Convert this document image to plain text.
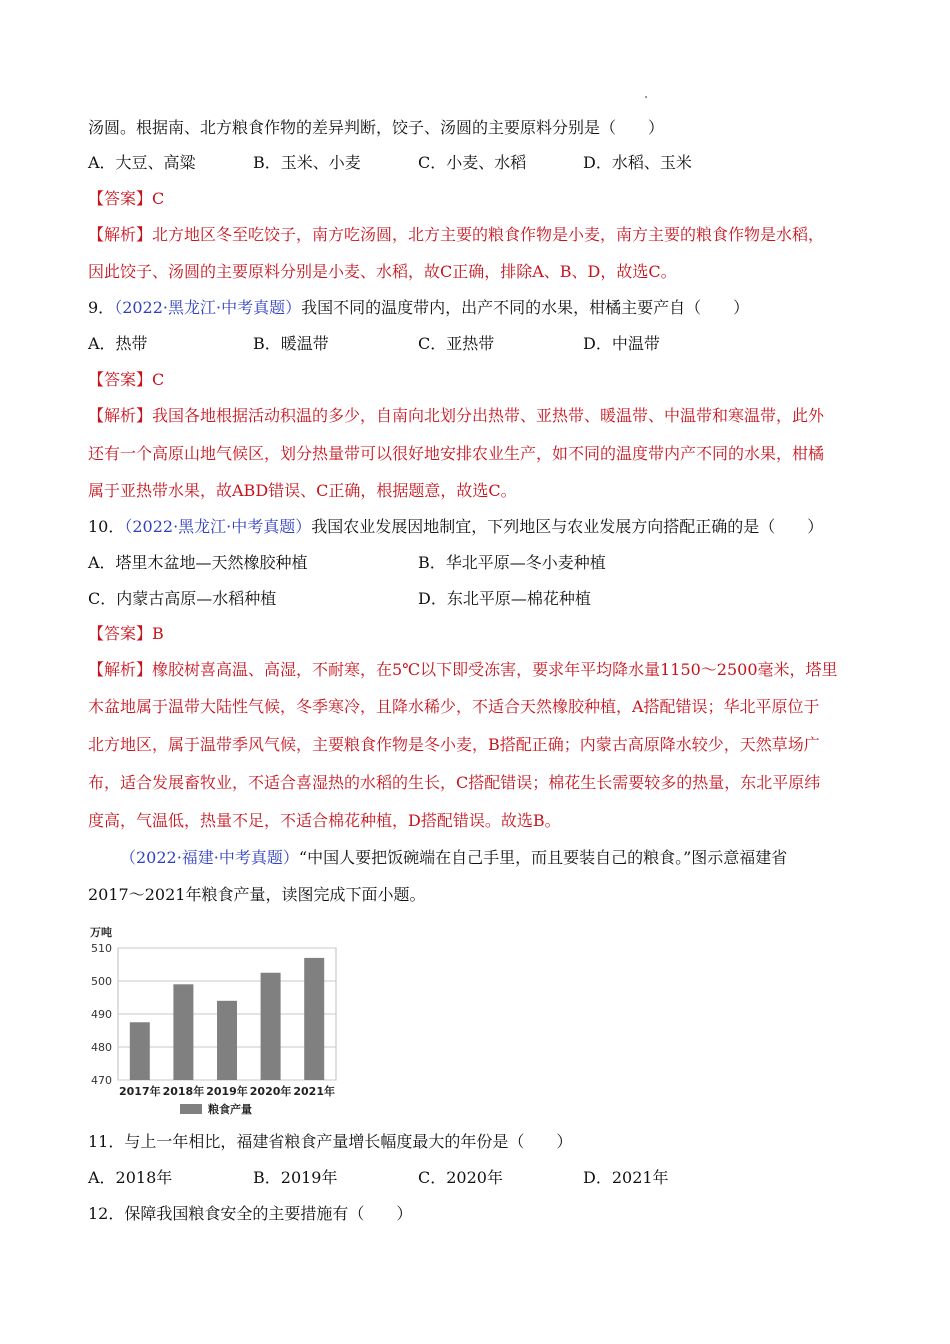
汤圆。根据南、北方粮食作物的差异判断，饺子、汤圆的主要原料分别是（　　）
A．大豆、高粱	B．玉米、小麦	C．小麦、水稻	D．水稻、玉米
【答案】C
【解析】北方地区冬至吃饺子，南方吃汤圆，北方主要的粮食作物是小麦，南方主要的粮食作物是水稻，
因此饺子、汤圆的主要原料分别是小麦、水稻，故C正确，排除A、B、D，故选C。
9．（2022·黑龙江·中考真题）我国不同的温度带内，出产不同的水果，柑橘主要产自（　　）
A．热带	B．暖温带	C．亚热带	D．中温带
【答案】C
【解析】我国各地根据活动积温的多少，自南向北划分出热带、亚热带、暖温带、中温带和寒温带，此外
还有一个高原山地气候区，划分热量带可以很好地安排农业生产，如不同的温度带内产不同的水果，柑橘
属于亚热带水果，故ABD错误、C正确，根据题意，故选C。
10．（2022·黑龙江·中考真题）我国农业发展因地制宜，下列地区与农业发展方向搭配正确的是（　　）
A．塔里木盆地—天然橡胶种植	B．华北平原—冬小麦种植
C．内蒙古高原—水稻种植	D．东北平原—棉花种植
【答案】B
【解析】橡胶树喜高温、高湿，不耐寒，在5℃以下即受冻害，要求年平均降水量1150～2500毫米，塔里
木盆地属于温带大陆性气候，冬季寒冷，且降水稀少，不适合天然橡胶种植，A搭配错误；华北平原位于
北方地区，属于温带季风气候，主要粮食作物是冬小麦，B搭配正确；内蒙古高原降水较少，天然草场广
布，适合发展畜牧业，不适合喜湿热的水稻的生长，C搭配错误；棉花生长需要较多的热量，东北平原纬
度高，气温低，热量不足，不适合棉花种植，D搭配错误。故选B。
（2022·福建·中考真题）“中国人要把饭碗端在自己手里，而且要装自己的粮食。”图示意福建省
2017～2021年粮食产量，读图完成下面小题。
470
480
490
500
510
2017年 2018年 2019年 2020年 2021年
万吨
粮食产量
11．与上一年相比，福建省粮食产量增长幅度最大的年份是（　　）
A．2018年	B．2019年	C．2020年	D．2021年
12．保障我国粮食安全的主要措施有（　　）
